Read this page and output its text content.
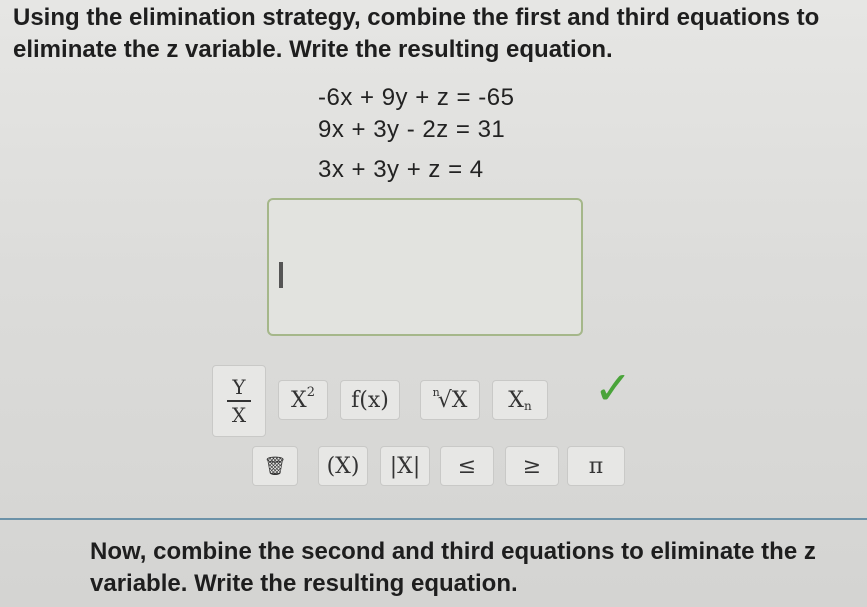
Using the elimination strategy, combine the first and third equations to eliminate the z variable. Write the resulting equation.
-6x + 9y + z = -65
9x + 3y - 2z = 31
3x + 3y + z = 4
Y
X
$X^2$ f(x)	$^n$
√X $X_n$ ✓
🗑 (X) |X| ≤ ≥ π
Now, combine the second and third equations to eliminate the z variable. Write the resulting equation.
